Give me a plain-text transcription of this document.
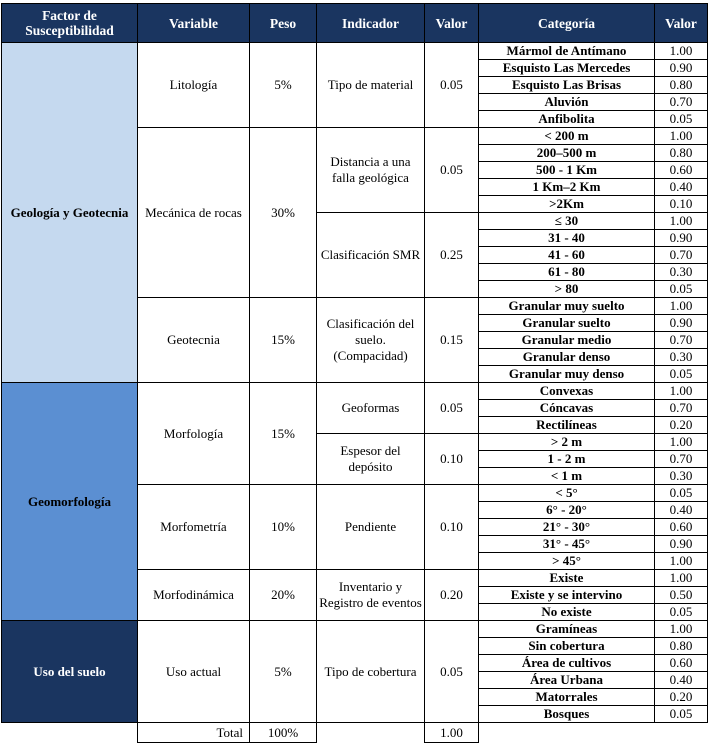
Factor de Susceptibilidad	Variable	Peso	Indicador	Valor	Categoría	Valor
Geología y Geotecnia	Litología	5%	Tipo de material	0.05	Mármol de Antímano	1.00
					Esquisto Las Mercedes	0.90
					Esquisto Las Brisas	0.80
					Aluvión	0.70
					Anfibolita	0.05
	Mecánica de rocas	30%	Distancia a una falla geológica	0.05	< 200 m	1.00
					200–500 m	0.80
					500 - 1 Km	0.60
					1 Km–2 Km	0.40
					>2Km	0.10
			Clasificación SMR	0.25	≤ 30	1.00
					31 - 40	0.90
					41 - 60	0.70
					61 - 80	0.30
					> 80	0.05
	Geotecnia	15%	Clasificación del suelo. (Compacidad)	0.15	Granular muy suelto	1.00
					Granular suelto	0.90
					Granular medio	0.70
					Granular denso	0.30
					Granular muy denso	0.05
Geomorfología	Morfología	15%	Geoformas	0.05	Convexas	1.00
					Cóncavas	0.70
					Rectilíneas	0.20
			Espesor del depósito	0.10	> 2 m	1.00
					1 - 2 m	0.70
					< 1 m	0.30
	Morfometría	10%	Pendiente	0.10	< 5°	0.05
					6° - 20°	0.40
					21° - 30°	0.60
					31° - 45°	0.90
					> 45°	1.00
	Morfodinámica	20%	Inventario y Registro de eventos	0.20	Existe	1.00
					Existe y se intervino	0.50
					No existe	0.05
Uso del suelo	Uso actual	5%	Tipo de cobertura	0.05	Gramíneas	1.00
					Sin cobertura	0.80
					Área de cultivos	0.60
					Área Urbana	0.40
					Matorrales	0.20
					Bosques	0.05
	Total	100%		1.00		
